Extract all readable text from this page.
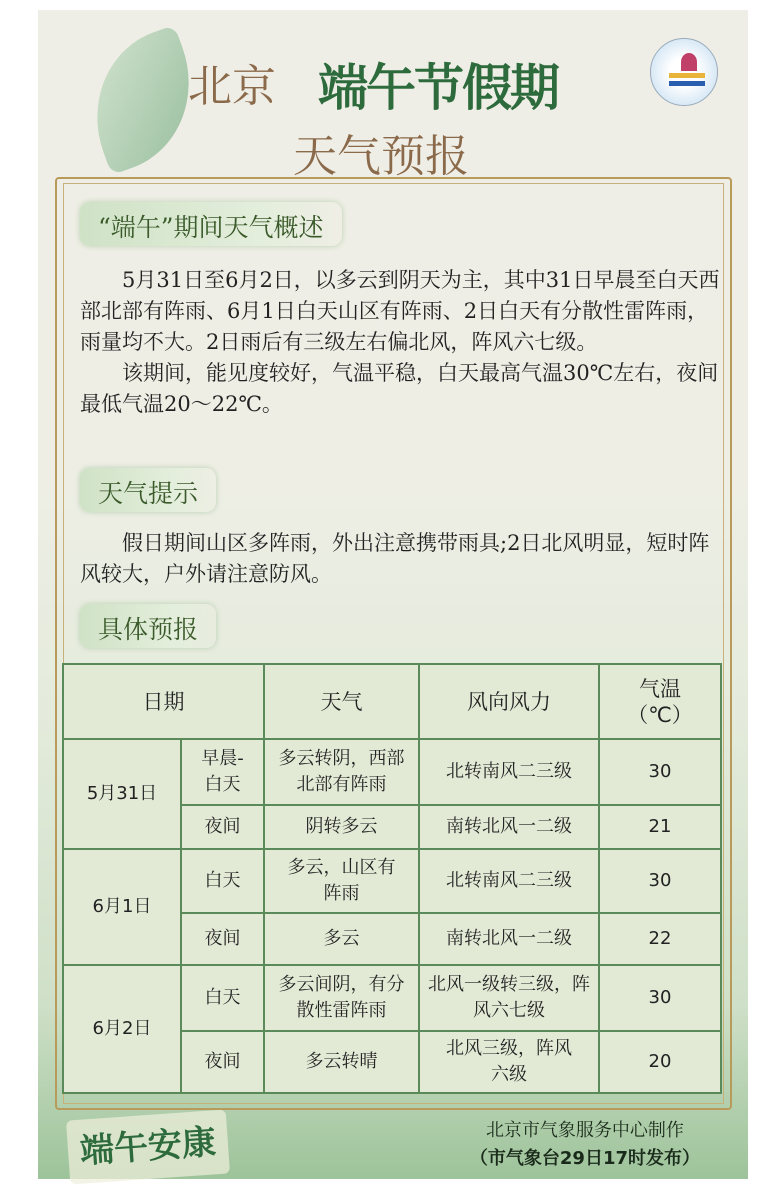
北京 端午节假期
天气预报
“端午”期间天气概述

5月31日至6月2日，以多云到阴天为主，其中31日早晨至白天西部北部有阵雨、6月1日白天山区有阵雨、2日白天有分散性雷阵雨，雨量均不大。2日雨后有三级左右偏北风，阵风六七级。

该期间，能见度较好，气温平稳，白天最高气温30℃左右，夜间最低气温20～22℃。

天气提示

假日期间山区多阵雨，外出注意携带雨具;2日北风明显，短时阵风较大，户外请注意防风。

具体预报
日期		天气	风向风力	气温（℃）
5月31日	早晨-白天	多云转阴，西部北部有阵雨	北转南风二三级	30
	夜间	阴转多云	南转北风一二级	21
6月1日	白天	多云，山区有阵雨	北转南风二三级	30
	夜间	多云	南转北风一二级	22
6月2日	白天	多云间阴，有分散性雷阵雨	北风一级转三级，阵风六七级	30
	夜间	多云转晴	北风三级，阵风六级	20
端午安康	北京市气象服务中心制作
（市气象台29日17时发布）
